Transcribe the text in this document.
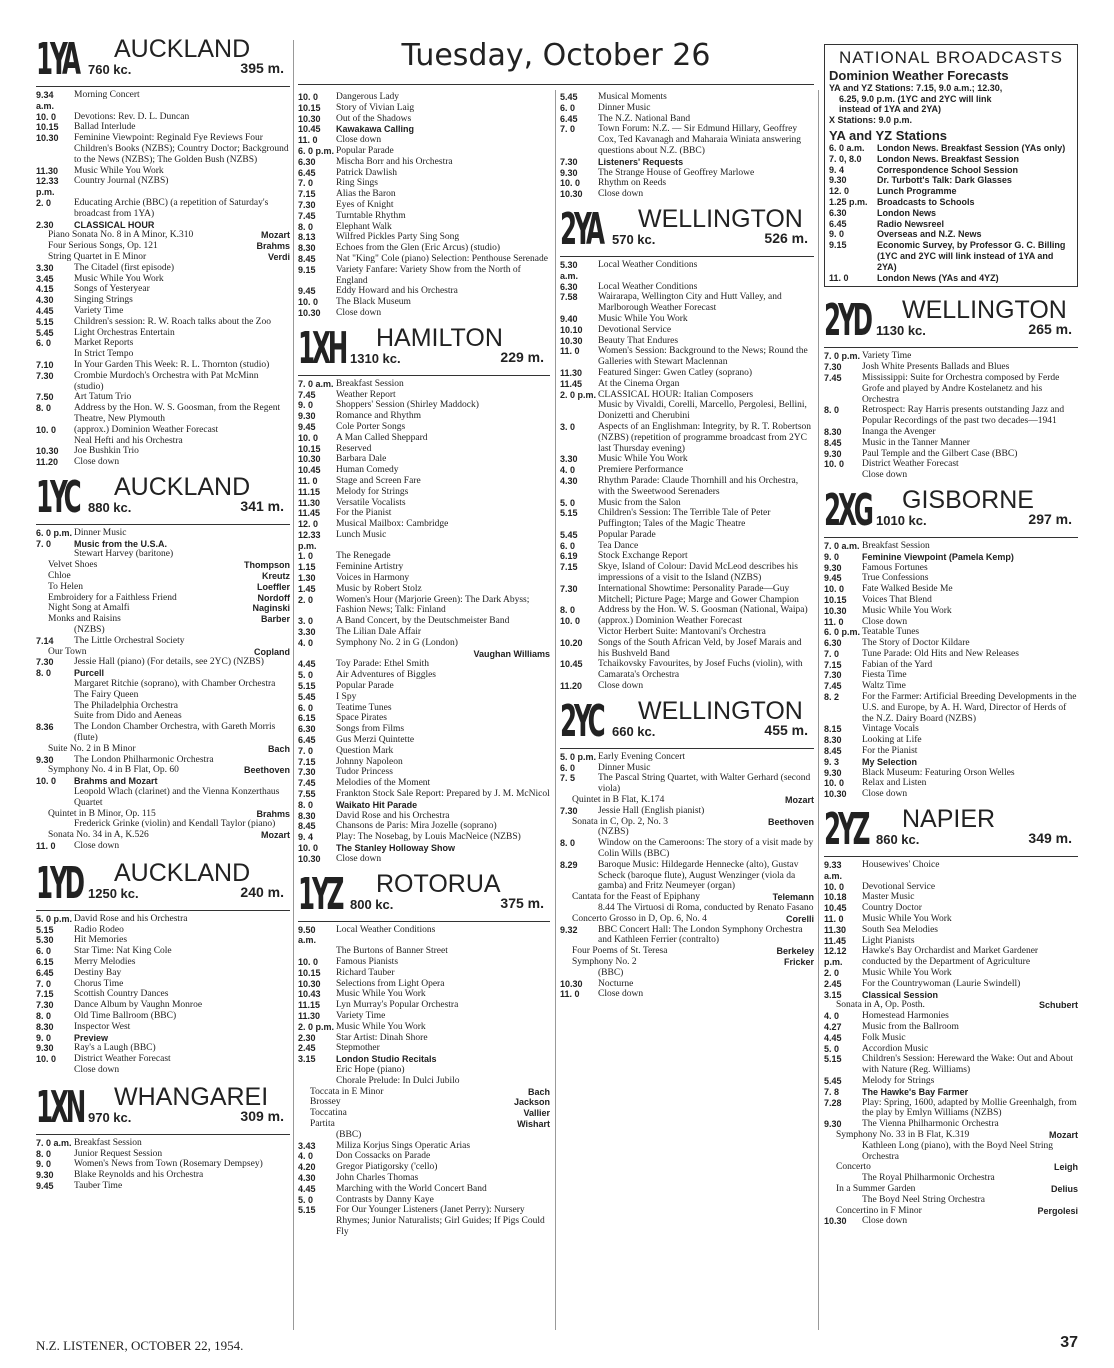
Tuesday, October 26
1YA AUCKLAND
760 kc.	395 m.
9.34 a.m.
Morning Concert
10. 0	Devotions: Rev. D. L. Duncan
10.15	Ballad Interlude
10.30	Feminine Viewpoint: Reginald Fye Reviews Four Children's Books (NZBS); Country Doctor; Background to the News (NZBS); The Golden Bush (NZBS)
11.30	Music While You Work
12.33 p.m.
Country Journal (NZBS)
2. 0	Educating Archie (BBC) (a repetition of Saturday's broadcast from 1YA)
2.30	CLASSICAL HOUR
Piano Sonata No. 8 in A Minor, K.310	Mozart
Four Serious Songs, Op. 121	Brahms
String Quartet in E Minor	Verdi
3.30	The Citadel (first episode)
3.45	Music While You Work
4.15	Songs of Yesteryear
4.30	Singing Strings
4.45	Variety Time
5.15	Children's session: R. W. Roach talks about the Zoo
5.45	Light Orchestras Entertain
6. 0	Market Reports
In Strict Tempo
7.10	In Your Garden This Week: R. L. Thornton (studio)
7.30	Crombie Murdoch's Orchestra with Pat McMinn (studio)
7.50	Art Tatum Trio
8. 0	Address by the Hon. W. S. Goosman, from the Regent Theatre, New Plymouth
10. 0	(approx.) Dominion Weather Forecast
Neal Hefti and his Orchestra
10.30	Joe Bushkin Trio
11.20	Close down
1YC AUCKLAND
880 kc.	341 m.
6. 0 p.m. Dinner Music
7. 0	Music from the U.S.A.
Stewart Harvey (baritone)
Velvet Shoes	Thompson
Chloe	Kreutz
To Helen	Loeffler
Embroidery for a Faithless Friend	Nordoff
Night Song at Amalfi	Naginski
Monks and Raisins	Barber
(NZBS)
7.14	The Little Orchestral Society
Our Town	Copland
7.30	Jessie Hall (piano) (For details, see 2YC) (NZBS)
8. 0	Purcell
Margaret Ritchie (soprano), with Chamber Orchestra
The Fairy Queen
The Philadelphia Orchestra
Suite from Dido and Aeneas
8.36	The London Chamber Orchestra, with Gareth Morris (flute)
Suite No. 2 in B Minor	Bach
9.30	The London Philharmonic Orchestra
Symphony No. 4 in B Flat, Op. 60	Beethoven
10. 0	Brahms and Mozart
Leopold Wlach (clarinet) and the Vienna Konzerthaus Quartet
Quintet in B Minor, Op. 115	Brahms
Frederick Grinke (violin) and Kendall Taylor (piano)
Sonata No. 34 in A, K.526	Mozart
11. 0	Close down
1YD AUCKLAND
1250 kc.	240 m.
5. 0 p.m. David Rose and his Orchestra
5.15	Radio Rodeo
5.30	Hit Memories
6. 0	Star Time: Nat King Cole
6.15	Merry Melodies
6.45	Destiny Bay
7. 0	Chorus Time
7.15	Scottish Country Dances
7.30	Dance Album by Vaughn Monroe
8. 0	Old Time Ballroom (BBC)
8.30	Inspector West
9. 0	Preview
9.30	Ray's a Laugh (BBC)
10. 0	District Weather Forecast
Close down
1XN WHANGAREI
970 kc.	309 m.
7. 0 a.m. Breakfast Session
8. 0	Junior Request Session
9. 0	Women's News from Town (Rosemary Dempsey)
9.30	Blake Reynolds and his Orchestra
9.45	Tauber Time
10. 0	Dangerous Lady
10.15	Story of Vivian Laig
10.30	Out of the Shadows
10.45	Kawakawa Calling
11. 0	Close down
6. 0 p.m. Popular Parade
6.30	Mischa Borr and his Orchestra
6.45	Patrick Dawlish
7. 0	Ring Sings
7.15	Alias the Baron
7.30	Eyes of Knight
7.45	Turntable Rhythm
8. 0	Elephant Walk
8.13	Wilfred Pickles Party Sing Song
8.30	Echoes from the Glen (Eric Arcus) (studio)
8.45	Nat "King" Cole (piano) Selection: Penthouse Serenade
9.15	Variety Fanfare: Variety Show from the North of England
9.45	Eddy Howard and his Orchestra
10. 0	The Black Museum
10.30	Close down
1XH HAMILTON
1310 kc.	229 m.
7. 0 a.m. Breakfast Session
7.45	Weather Report
9. 0	Shoppers' Session (Shirley Maddock)
9.30	Romance and Rhythm
9.45	Cole Porter Songs
10. 0	A Man Called Sheppard
10.15	Reserved
10.30	Barbara Dale
10.45	Human Comedy
11. 0	Stage and Screen Fare
11.15	Melody for Strings
11.30	Versatile Vocalists
11.45	For the Pianist
12. 0	Musical Mailbox: Cambridge
12.33 p.m.
Lunch Music
1. 0	The Renegade
1.15	Feminine Artistry
1.30	Voices in Harmony
1.45	Music by Robert Stolz
2. 0	Women's Hour (Marjorie Green): The Dark Abyss; Fashion News; Talk: Finland
3. 0	A Band Concert, by the Deutschmeister Band
3.30	The Lilian Dale Affair
4. 0	Symphony No. 2 in G (London)
Vaughan Williams
4.45	Toy Parade: Ethel Smith
5. 0	Air Adventures of Biggles
5.15	Popular Parade
5.45	I Spy
6. 0	Teatime Tunes
6.15	Space Pirates
6.30	Songs from Films
6.45	Gus Merzi Quintette
7. 0	Question Mark
7.15	Johnny Napoleon
7.30	Tudor Princess
7.45	Melodies of the Moment
7.55	Frankton Stock Sale Report: Prepared by J. M. McNicol
8. 0	Waikato Hit Parade
8.30	David Rose and his Orchestra
8.45	Chansons de Paris: Mira Jozelle (soprano)
9. 4	Play: The Nosebag, by Louis MacNeice (NZBS)
10. 0	The Stanley Holloway Show
10.30	Close down
1YZ ROTORUA
800 kc.	375 m.
9.50 a.m.
Local Weather Conditions
The Burtons of Banner Street
10. 0	Famous Pianists
10.15	Richard Tauber
10.30	Selections from Light Opera
10.43	Music While You Work
11.15	Lyn Murray's Popular Orchestra
11.30	Variety Time
2. 0 p.m. Music While You Work
2.30	Star Artist: Dinah Shore
2.45	Stepmother
3.15	London Studio Recitals
Eric Hope (piano)
Chorale Prelude: In Dulci Jubilo
Toccata in E Minor	Bach
Brossey	Jackson
Toccatina	Vallier
Partita	Wishart
(BBC)
3.43	Miliza Korjus Sings Operatic Arias
4. 0	Don Cossacks on Parade
4.20	Gregor Piatigorsky ('cello)
4.30	John Charles Thomas
4.45	Marching with the World Concert Band
5. 0	Contrasts by Danny Kaye
5.15	For Our Younger Listeners (Janet Perry): Nursery Rhymes; Junior Naturalists; Girl Guides; If Pigs Could Fly
5.45	Musical Moments
6. 0	Dinner Music
6.45	The N.Z. National Band
7. 0	Town Forum: N.Z. — Sir Edmund Hillary, Geoffrey Cox, Ted Kavanagh and Maharaia Winiata answering questions about N.Z. (BBC)
7.30	Listeners' Requests
9.30	The Strange House of Geoffrey Marlowe
10. 0	Rhythm on Reeds
10.30	Close down
2YA WELLINGTON
570 kc.	526 m.
5.30 a.m.
Local Weather Conditions
6.30	Local Weather Conditions
7.58	Wairarapa, Wellington City and Hutt Valley, and Marlborough Weather Forecast
9.40	Music While You Work
10.10	Devotional Service
10.30	Beauty That Endures
11. 0	Women's Session: Background to the News; Round the Galleries with Stewart Maclennan
11.30	Featured Singer: Gwen Catley (soprano)
11.45	At the Cinema Organ
2. 0 p.m. CLASSICAL HOUR: Italian Composers
Music by Vivaldi, Corelli, Marcello, Pergolesi, Bellini, Donizetti and Cherubini
3. 0	Aspects of an Englishman: Integrity, by R. T. Robertson (NZBS) (repetition of programme broadcast from 2YC last Thursday evening)
3.30	Music While You Work
4. 0	Premiere Performance
4.30	Rhythm Parade: Claude Thornhill and his Orchestra, with the Sweetwood Serenaders
5. 0	Music from the Salon
5.15	Children's Session: The Terrible Tale of Peter Puffington; Tales of the Magic Theatre
5.45	Popular Parade
6. 0	Tea Dance
6.19	Stock Exchange Report
7.15	Skye, Island of Colour: David McLeod describes his impressions of a visit to the Island (NZBS)
7.30	International Showtime: Personality Parade—Guy Mitchell; Picture Page; Marge and Gower Champion
8. 0	Address by the Hon. W. S. Goosman (National, Waipa)
10. 0	(approx.) Dominion Weather Forecast
Victor Herbert Suite: Mantovani's Orchestra
10.20	Songs of the South African Veld, by Josef Marais and his Bushveld Band
10.45	Tchaikovsky Favourites, by Josef Fuchs (violin), with Camarata's Orchestra
11.20	Close down
2YC WELLINGTON
660 kc.	455 m.
5. 0 p.m. Early Evening Concert
6. 0	Dinner Music
7. 5	The Pascal String Quartet, with Walter Gerhard (second viola)
Quintet in B Flat, K.174	Mozart
7.30	Jessie Hall (English pianist)
Sonata in C, Op. 2, No. 3	Beethoven
(NZBS)
8. 0	Window on the Cameroons: The story of a visit made by Colin Wills (BBC)
8.29	Baroque Music: Hildegarde Hennecke (alto), Gustav Scheck (baroque flute), August Wenzinger (viola da gamba) and Fritz Neumeyer (organ)
Cantata for the Feast of Epiphany	Telemann
8.44 The Virtuosi di Roma, conducted by Renato Fasano
Concerto Grosso in D, Op. 6, No. 4	Corelli
9.32	BBC Concert Hall: The London Symphony Orchestra and Kathleen Ferrier (contralto)
Four Poems of St. Teresa	Berkeley
Symphony No. 2	Fricker
(BBC)
10.30	Nocturne
11. 0	Close down
NATIONAL BROADCASTS
Dominion Weather Forecasts
YA and YZ Stations: 7.15, 9.0 a.m.; 12.30,
6.25, 9.0 p.m. (1YC and 2YC will link
instead of 1YA and 2YA)
X Stations: 9.0 p.m.
YA and YZ Stations
6. 0 a.m.	London News. Breakfast Session (YAs only)
7. 0, 8.0	London News. Breakfast Session
9. 4	Correspondence School Session
9.30	Dr. Turbott's Talk: Dark Glasses
12. 0	Lunch Programme
1.25 p.m.	Broadcasts to Schools
6.30	London News
6.45	Radio Newsreel
9. 0	Overseas and N.Z. News
9.15	Economic Survey, by Professor G. C. Billing (1YC and 2YC will link instead of 1YA and 2YA)
11. 0	London News (YAs and 4YZ)
2YD WELLINGTON
1130 kc.	265 m.
7. 0 p.m. Variety Time
7.30	Josh White Presents Ballads and Blues
7.45	Mississippi: Suite for Orchestra composed by Ferde Grofe and played by Andre Kostelanetz and his Orchestra
8. 0	Retrospect: Ray Harris presents outstanding Jazz and Popular Recordings of the past two decades—1941
8.30	Inanga the Avenger
8.45	Music in the Tanner Manner
9.30	Paul Temple and the Gilbert Case (BBC)
10. 0	District Weather Forecast
Close down
2XG GISBORNE
1010 kc.	297 m.
7. 0 a.m. Breakfast Session
9. 0	Feminine Viewpoint (Pamela Kemp)
9.30	Famous Fortunes
9.45	True Confessions
10. 0	Fate Walked Beside Me
10.15	Voices That Blend
10.30	Music While You Work
11. 0	Close down
6. 0 p.m. Teatable Tunes
6.30	The Story of Doctor Kildare
7. 0	Tune Parade: Old Hits and New Releases
7.15	Fabian of the Yard
7.30	Fiesta Time
7.45	Waltz Time
8. 2	For the Farmer: Artificial Breeding Developments in the U.S. and Europe, by A. H. Ward, Director of Herds of the N.Z. Dairy Board (NZBS)
8.15	Vintage Vocals
8.30	Looking at Life
8.45	For the Pianist
9. 3	My Selection
9.30	Black Museum: Featuring Orson Welles
10. 0	Relax and Listen
10.30	Close down
2YZ NAPIER
860 kc.	349 m.
9.33 a.m.
Housewives' Choice
10. 0	Devotional Service
10.18	Master Music
10.45	Country Doctor
11. 0	Music While You Work
11.30	South Sea Melodies
11.45	Light Pianists
12.12 p.m.
Hawke's Bay Orchardist and Market Gardener conducted by the Department of Agriculture
2. 0	Music While You Work
2.45	For the Countrywoman (Laurie Swindell)
3.15	Classical Session
Sonata in A, Op. Posth.	Schubert
4. 0	Homestead Harmonies
4.27	Music from the Ballroom
4.45	Folk Music
5. 0	Accordion Music
5.15	Children's Session: Hereward the Wake: Out and About with Nature (Reg. Williams)
5.45	Melody for Strings
7. 8	The Hawke's Bay Farmer
7.28	Play: Spring, 1600, adapted by Mollie Greenhalgh, from the play by Emlyn Williams (NZBS)
9.30	The Vienna Philharmonic Orchestra
Symphony No. 33 in B Flat, K.319	Mozart
Kathleen Long (piano), with the Boyd Neel String Orchestra
Concerto	Leigh
The Royal Philharmonic Orchestra
In a Summer Garden	Delius
The Boyd Neel String Orchestra
Concertino in F Minor	Pergolesi
10.30	Close down
N.Z. LISTENER, OCTOBER 22, 1954.	37
